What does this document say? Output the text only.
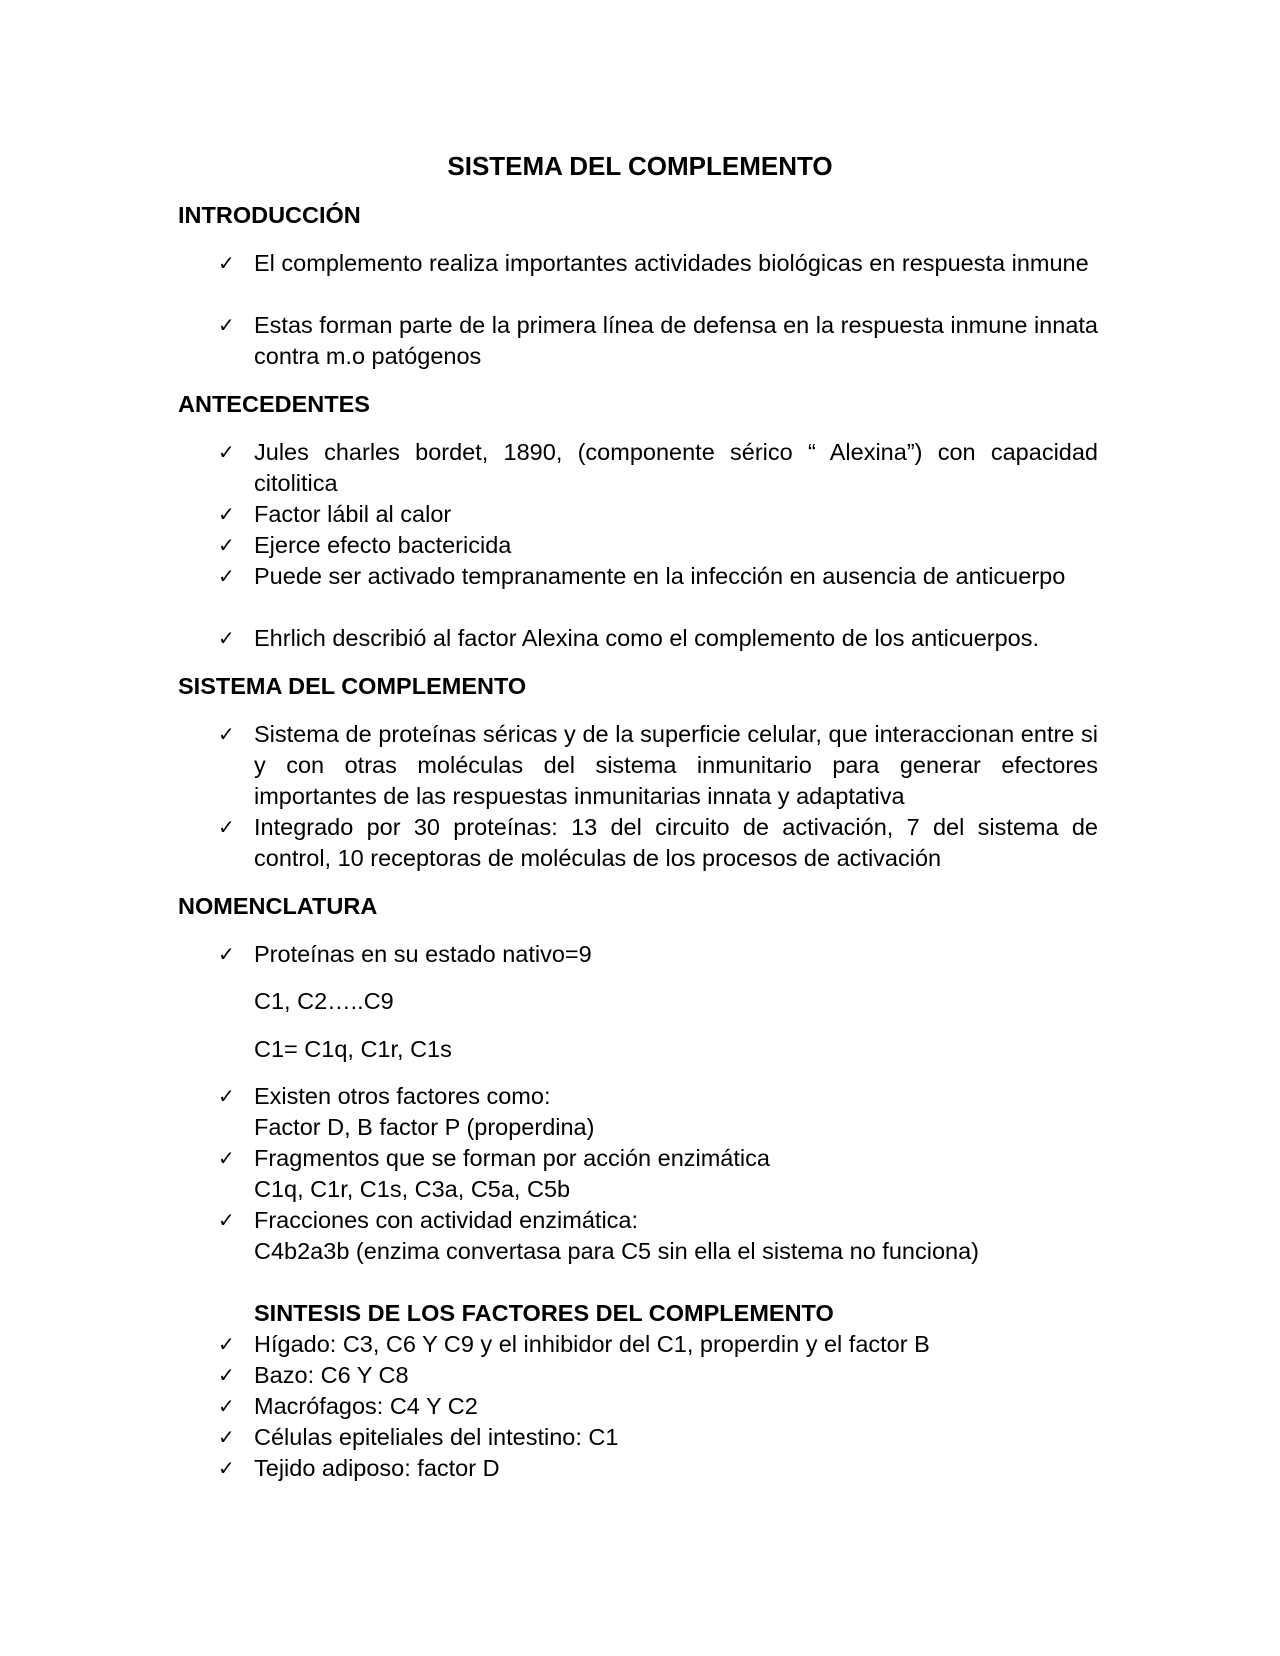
SISTEMA DEL COMPLEMENTO
INTRODUCCIÓN
✓ El complemento realiza importantes actividades biológicas en respuesta inmune
✓ Estas forman parte de la primera línea de defensa en la respuesta inmune innata contra m.o patógenos
ANTECEDENTES
✓ Jules charles bordet, 1890, (componente sérico “ Alexina”) con capacidad citolitica
✓ Factor lábil al calor
✓ Ejerce efecto bactericida
✓ Puede ser activado tempranamente en la infección en ausencia de anticuerpo
✓ Ehrlich describió al factor Alexina como el complemento de los anticuerpos.
SISTEMA DEL COMPLEMENTO
✓ Sistema de proteínas séricas y de la superficie celular, que interaccionan entre si y con otras moléculas del sistema inmunitario para generar efectores importantes de las respuestas inmunitarias innata y adaptativa
✓ Integrado por 30 proteínas: 13 del circuito de activación, 7 del sistema de control, 10 receptoras de moléculas de los procesos de activación
NOMENCLATURA
✓ Proteínas en su estado nativo=9
C1, C2…..C9
C1= C1q, C1r, C1s
✓ Existen otros factores como:
Factor D, B factor P (properdina)
✓ Fragmentos que se forman por acción enzimática
C1q, C1r, C1s, C3a, C5a, C5b
✓ Fracciones con actividad enzimática:
C4b2a3b (enzima convertasa para C5 sin ella el sistema no funciona)
SINTESIS DE LOS FACTORES DEL COMPLEMENTO
✓ Hígado: C3, C6 Y C9 y el inhibidor del C1, properdin y el factor B
✓ Bazo: C6 Y C8
✓ Macrófagos: C4 Y C2
✓ Células epiteliales del intestino: C1
✓ Tejido adiposo: factor D
